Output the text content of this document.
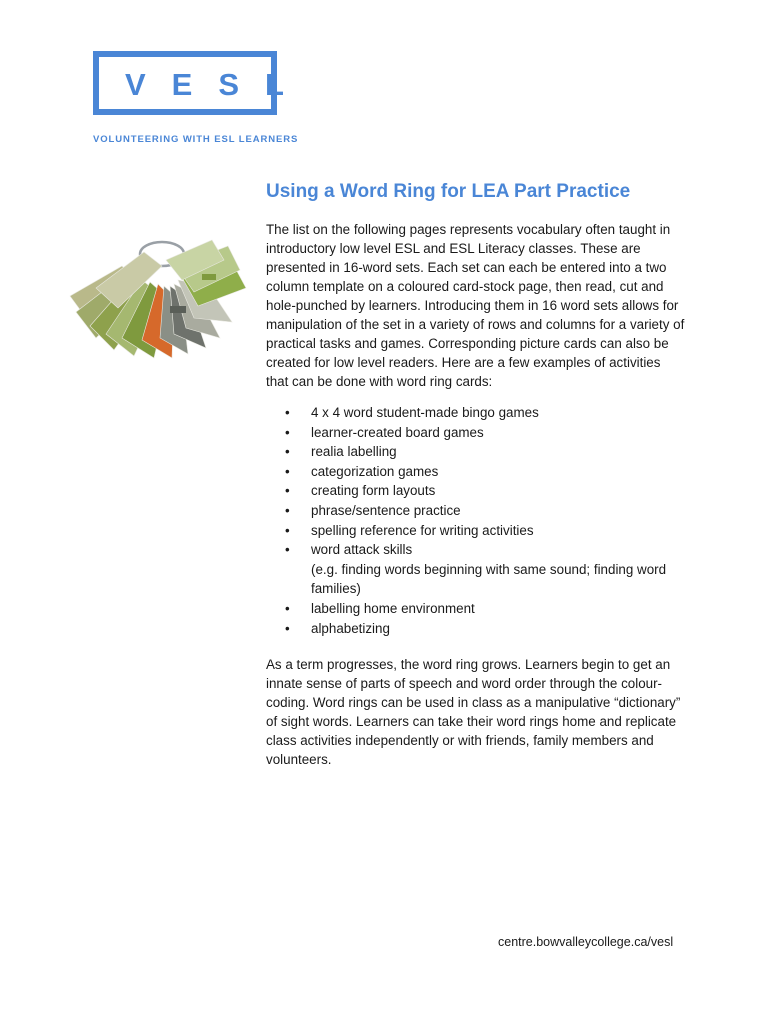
VESL
VOLUNTEERING WITH ESL LEARNERS
Using a Word Ring for LEA Part Practice

The list on the following pages represents vocabulary often taught in introductory low level ESL and ESL Literacy classes. These are presented in 16-word sets. Each set can each be entered into a two column template on a coloured card-stock page, then read, cut and hole-punched by learners. Introducing them in 16 word sets allows for manipulation of the set in a variety of rows and columns for a variety of practical tasks and games. Corresponding picture cards can also be created for low level readers. Here are a few examples of activities that can be done with word ring cards:

• 4 x 4 word student-made bingo games
• learner-created board games
• realia labelling
• categorization games
• creating form layouts
• phrase/sentence practice
• spelling reference for writing activities
• word attack skills
(e.g. finding words beginning with same sound; finding word families)
• labelling home environment
• alphabetizing

As a term progresses, the word ring grows. Learners begin to get an innate sense of parts of speech and word order through the colour-coding. Word rings can be used in class as a manipulative “dictionary” of sight words. Learners can take their word rings home and replicate class activities independently or with friends, family members and volunteers.

centre.bowvalleycollege.ca/vesl
